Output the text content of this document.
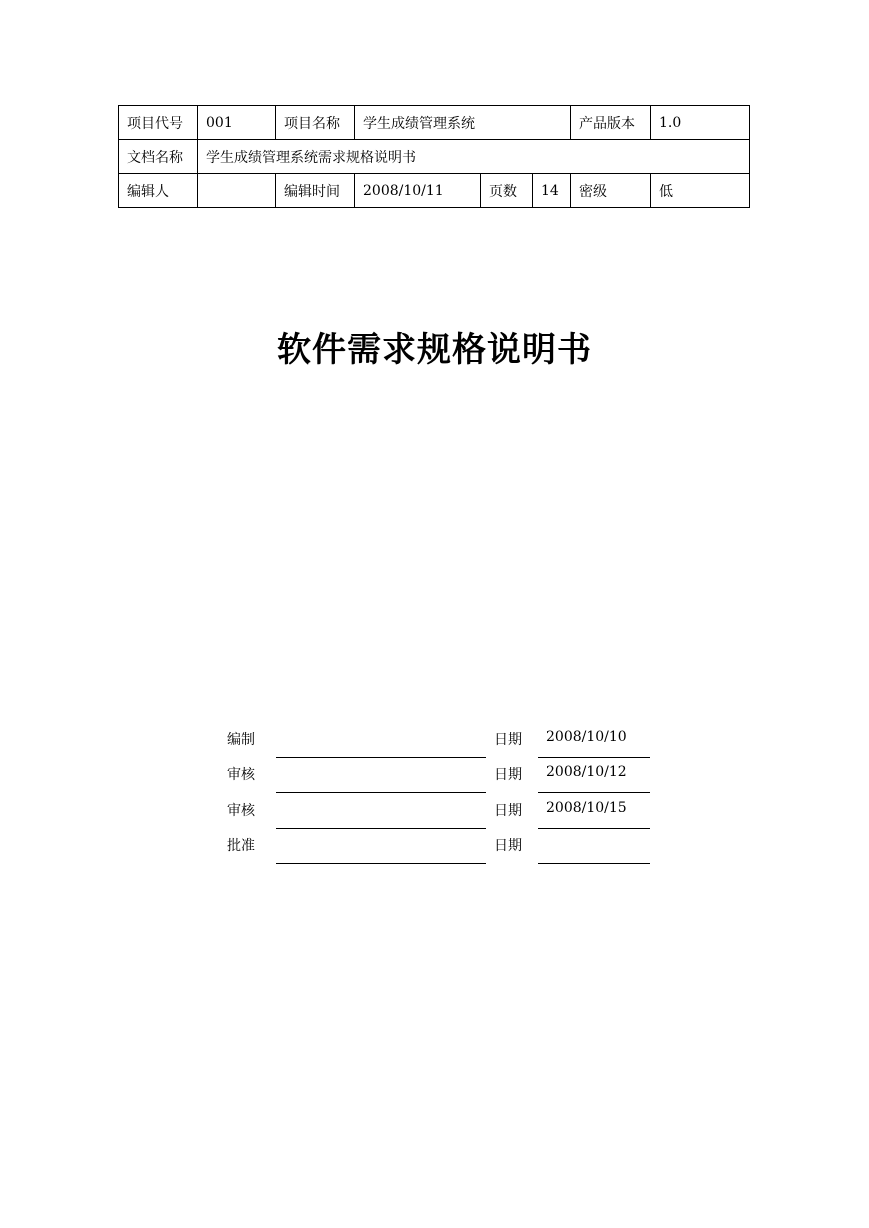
项目代号	001	项目名称	学生成绩管理系统			产品版本	1.0
文档名称	学生成绩管理系统需求规格说明书						
编辑人		编辑时间	2008/10/11	页数	14	密级	低
软件需求规格说明书
编制	日期 2008/10/10
审核	日期 2008/10/12
审核	日期 2008/10/15
批准	日期
